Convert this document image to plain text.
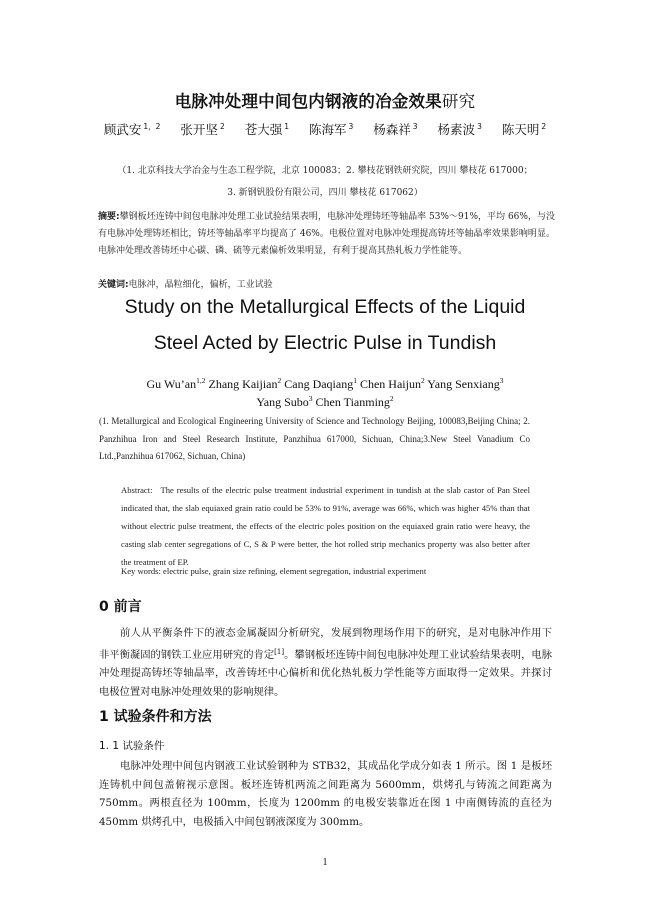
电脉冲处理中间包内钢液的冶金效果研究
顾武安 $^{1,2}$ 张开坚 $^2$ 苍大强 $^1$ 陈海军 $^3$ 杨森祥 $^3$ 杨素波 $^3$ 陈天明 $^2$
（1. 北京科技大学冶金与生态工程学院，北京 100083；2. 攀枝花钢铁研究院，四川 攀枝花 617000；
3. 新钢钒股份有限公司，四川 攀枝花 617062）
摘要:攀钢板坯连铸中间包电脉冲处理工业试验结果表明，电脉冲处理铸坯等轴晶率 53%～91%，平均 66%，与没有电脉冲处理铸坯相比，铸坯等轴晶率平均提高了 46%。电极位置对电脉冲处理提高铸坯等轴晶率效果影响明显。电脉冲处理改善铸坯中心碳、磷、硫等元素偏析效果明显，有利于提高其热轧板力学性能等。
关键词:电脉冲，晶粒细化，偏析，工业试验
Study on the Metallurgical Effects of the Liquid
Steel Acted by Electric Pulse in Tundish
Gu Wu’an$^{1,2}$ Zhang Kaijian$^2$ Cang Daqiang$^1$ Chen Haijun$^2$ Yang Senxiang$^3$
Yang Subo$^3$ Chen Tianming$^2$
(1. Metallurgical and Ecological Engineering University of Science and Technology Beijing, 100083,Beijing China; 2. Panzhihua Iron and Steel Research Institute, Panzhihua 617000, Sichuan, China;3.New Steel Vanadium Co Ltd.,Panzhihua 617062, Sichuan, China)
Abstract: The results of the electric pulse treatment industrial experiment in tundish at the slab castor of Pan Steel indicated that, the slab equiaxed grain ratio could be 53% to 91%, average was 66%, which was higher 45% than that without electric pulse treatment, the effects of the electric poles position on the equiaxed grain ratio were heavy, the casting slab center segregations of C, S & P were better, the hot rolled strip mechanics property was also better after the treatment of EP.
Key words: electric pulse, grain size refining, element segregation, industrial experiment
0 前言
前人从平衡条件下的液态金属凝固分析研究，发展到物理场作用下的研究，是对电脉冲作用下非平衡凝固的钢铁工业应用研究的肯定[1]。攀钢板坯连铸中间包电脉冲处理工业试验结果表明，电脉冲处理提高铸坯等轴晶率，改善铸坯中心偏析和优化热轧板力学性能等方面取得一定效果。并探讨电极位置对电脉冲处理效果的影响规律。
1 试验条件和方法
1. 1 试验条件
电脉冲处理中间包内钢液工业试验钢种为 STB32，其成品化学成分如表 1 所示。图 1 是板坯连铸机中间包盖俯视示意图。板坯连铸机两流之间距离为 5600mm，烘烤孔与铸流之间距离为 750mm。两根直径为 100mm，长度为 1200mm 的电极安装靠近在图 1 中南侧铸流的直径为 450mm 烘烤孔中，电极插入中间包钢液深度为 300mm。
1
